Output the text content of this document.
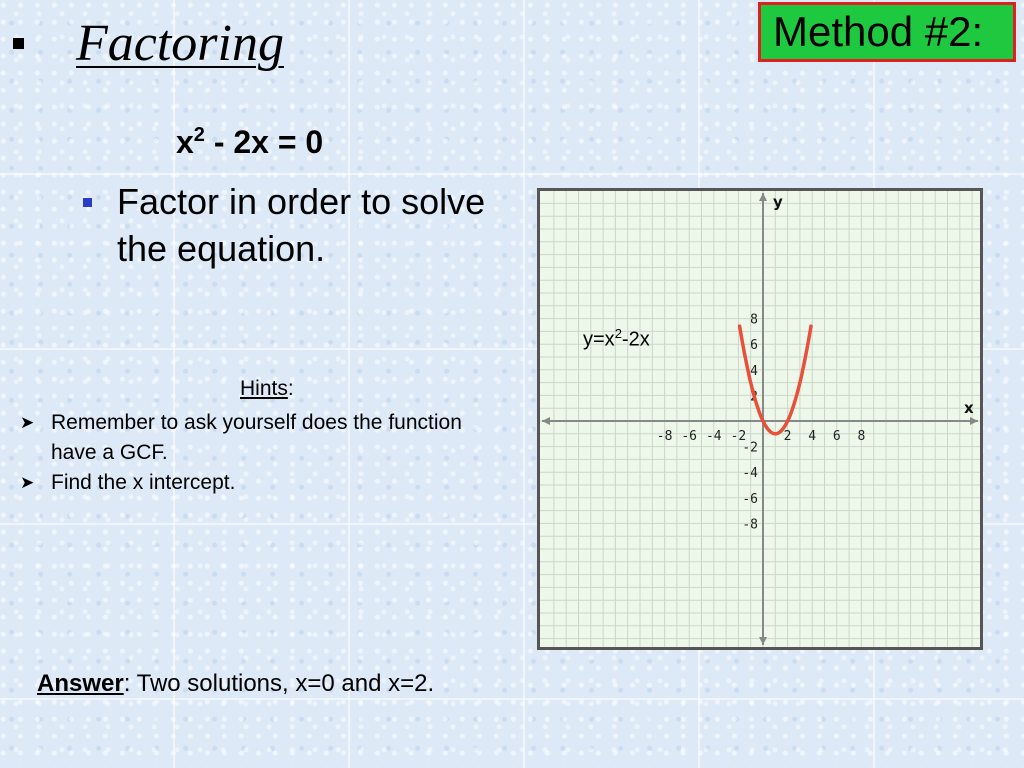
Factoring	Method #2:
$x^2 - 2x = 0$
Factor in order to solve the equation.
Hints:
➤ Remember to ask yourself does the function have a GCF.
➤ Find the x intercept.
Answer: Two solutions, x=0 and x=2.
-8 -6 -4 -2	2 4 6 8
8
6
4
2
-2
-4
-6
-8
x
y
$y=x^2-2x$
